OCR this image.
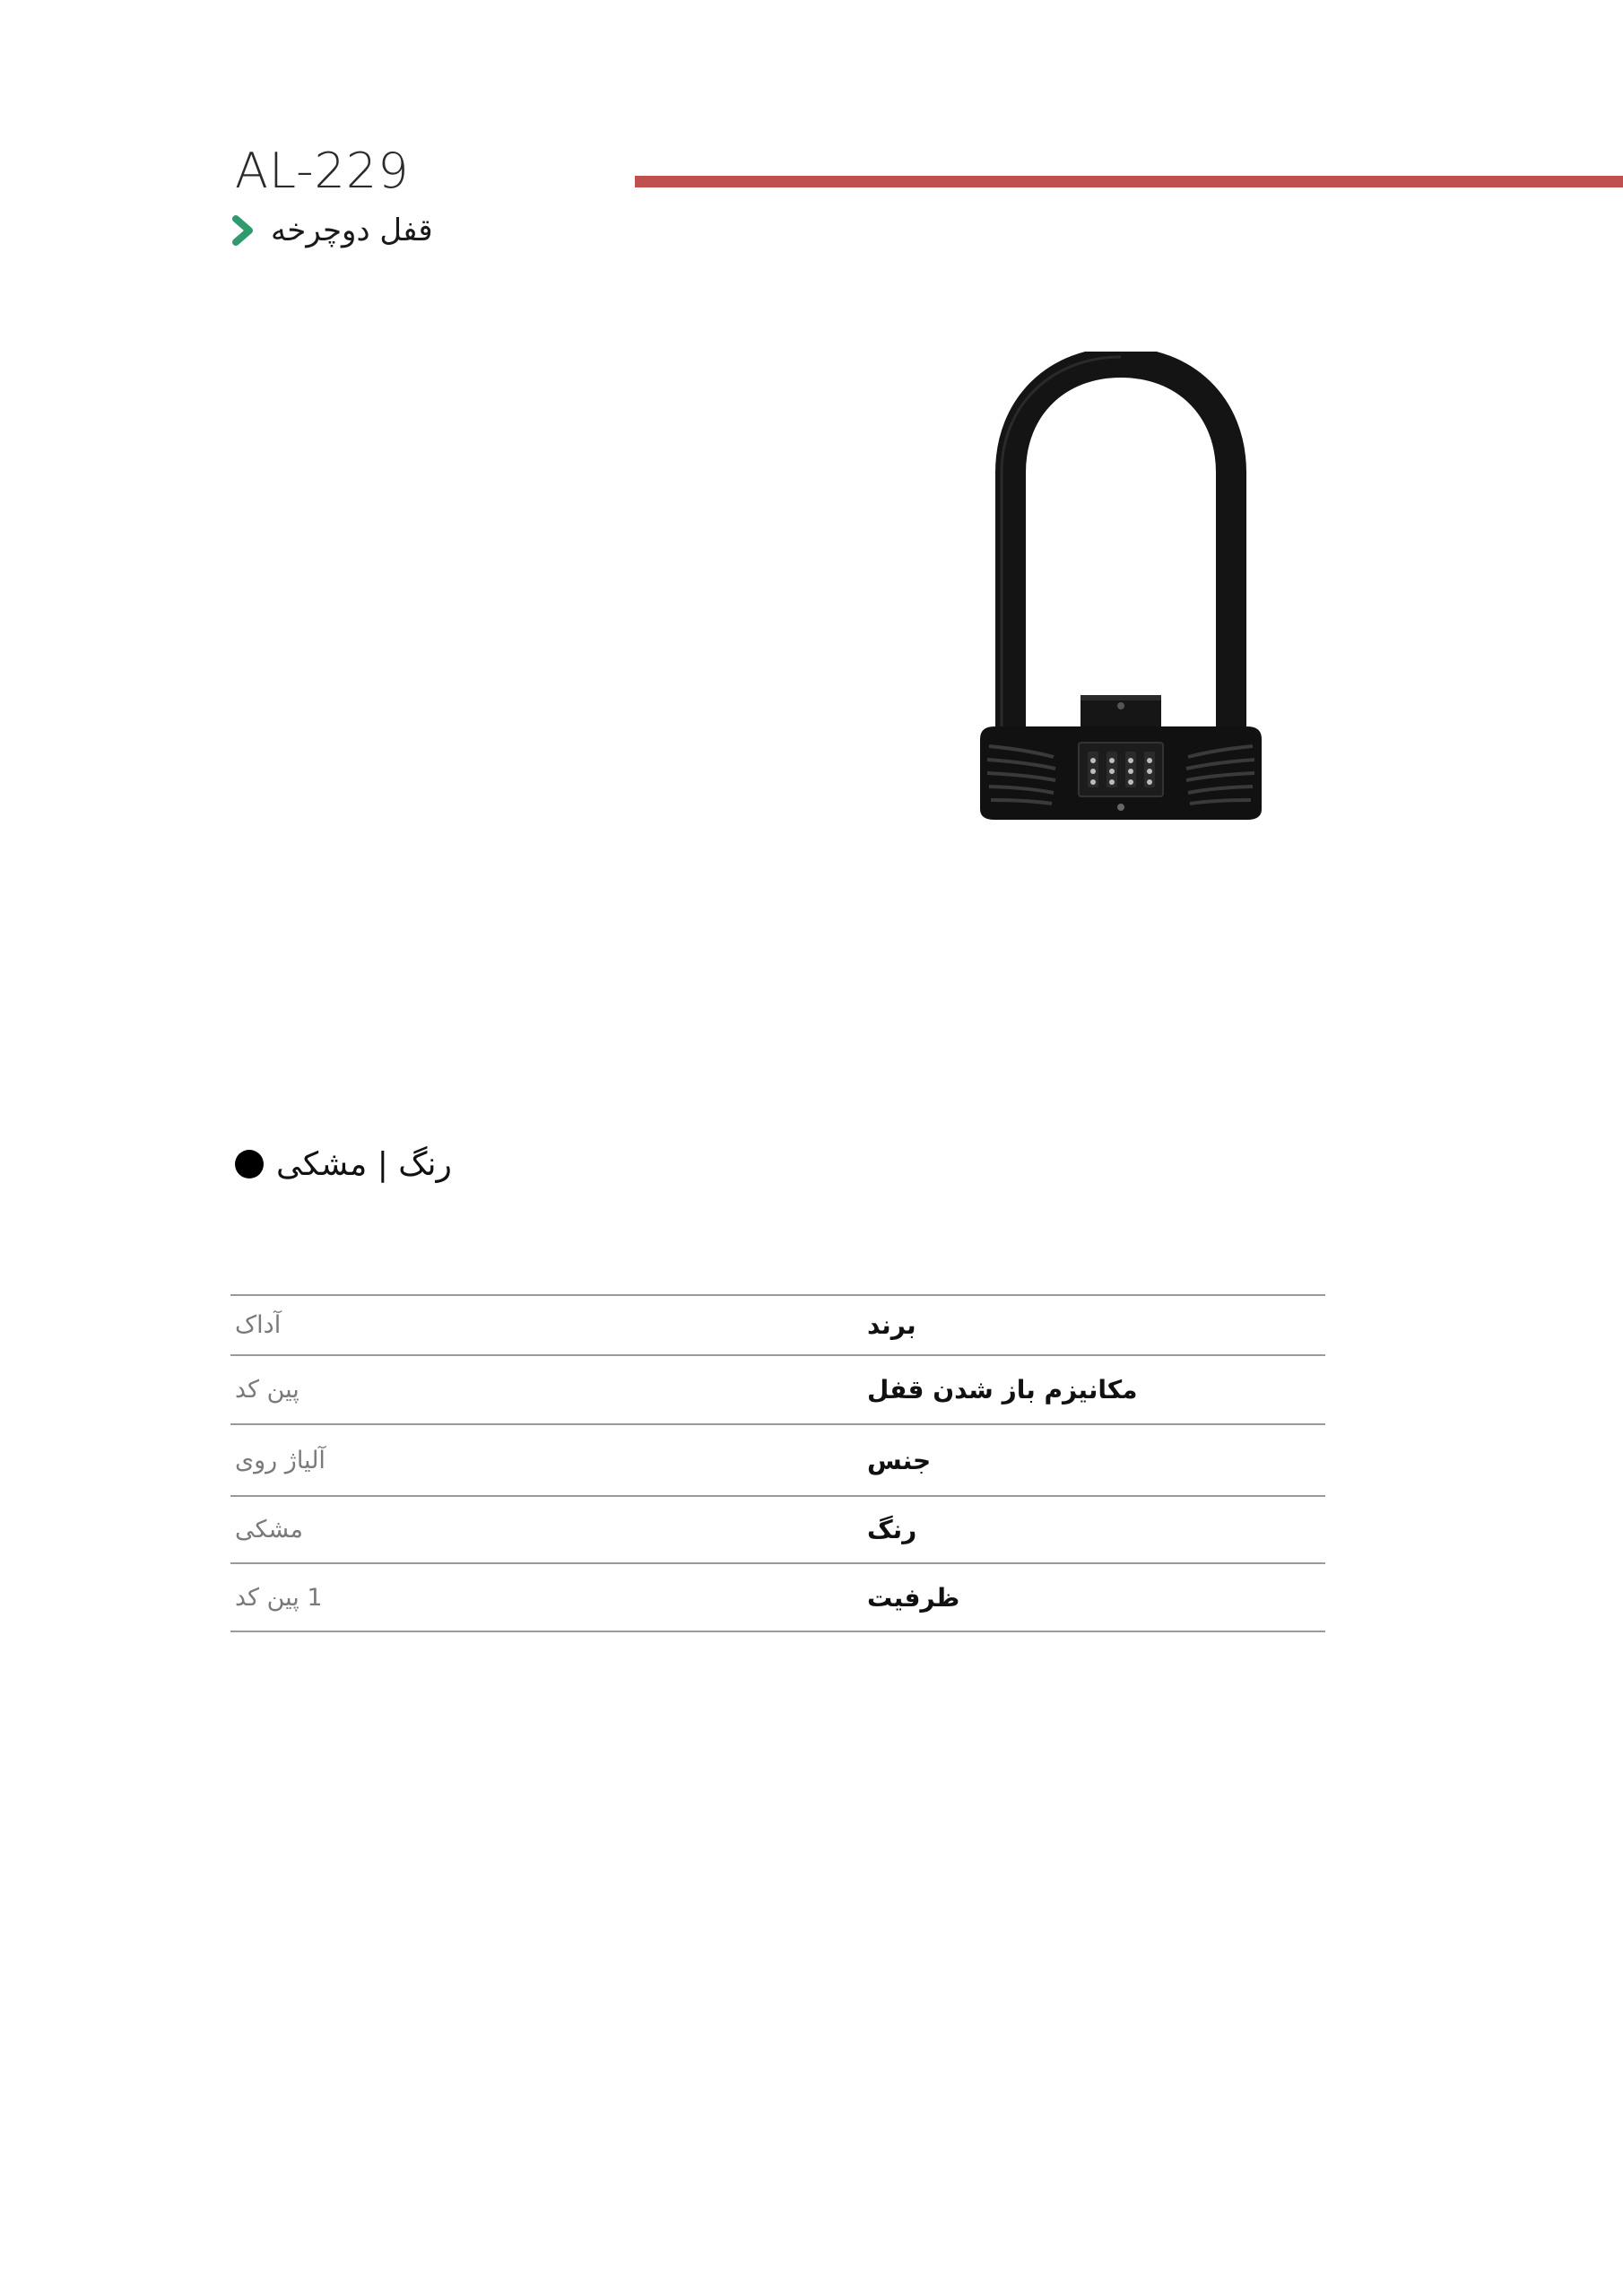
AL-229
قفل دوچرخه
رنگ | مشکی
آداک	برند
پین کد	مکانیزم باز شدن قفل
آلیاژ روی	جنس
مشکی	رنگ
1 پین کد	ظرفیت
